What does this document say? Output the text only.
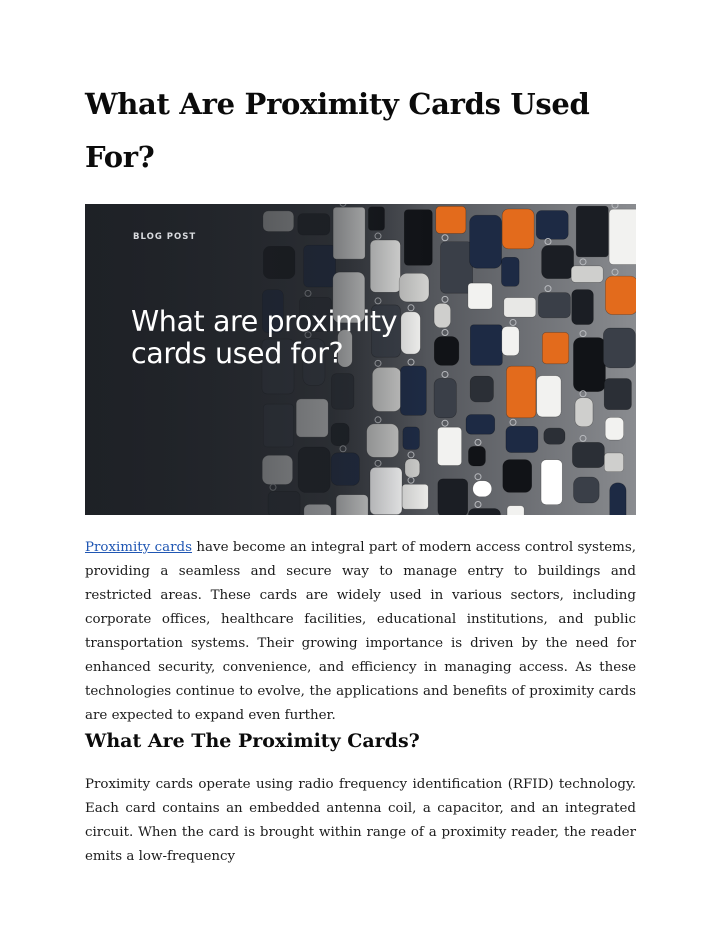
What Are Proximity Cards Used For?
BLOG POST
What are proximity cards used for?

Proximity cards have become an integral part of modern access control systems, providing a seamless and secure way to manage entry to buildings and restricted areas. These cards are widely used in various sectors, including corporate offices, healthcare facilities, educational institutions, and public transportation systems. Their growing importance is driven by the need for enhanced security, convenience, and efficiency in managing access. As these technologies continue to evolve, the applications and benefits of proximity cards are expected to expand even further.

What Are The Proximity Cards?

Proximity cards operate using radio frequency identification (RFID) technology. Each card contains an embedded antenna coil, a capacitor, and an integrated circuit. When the card is brought within range of a proximity reader, the reader emits a low-frequency
